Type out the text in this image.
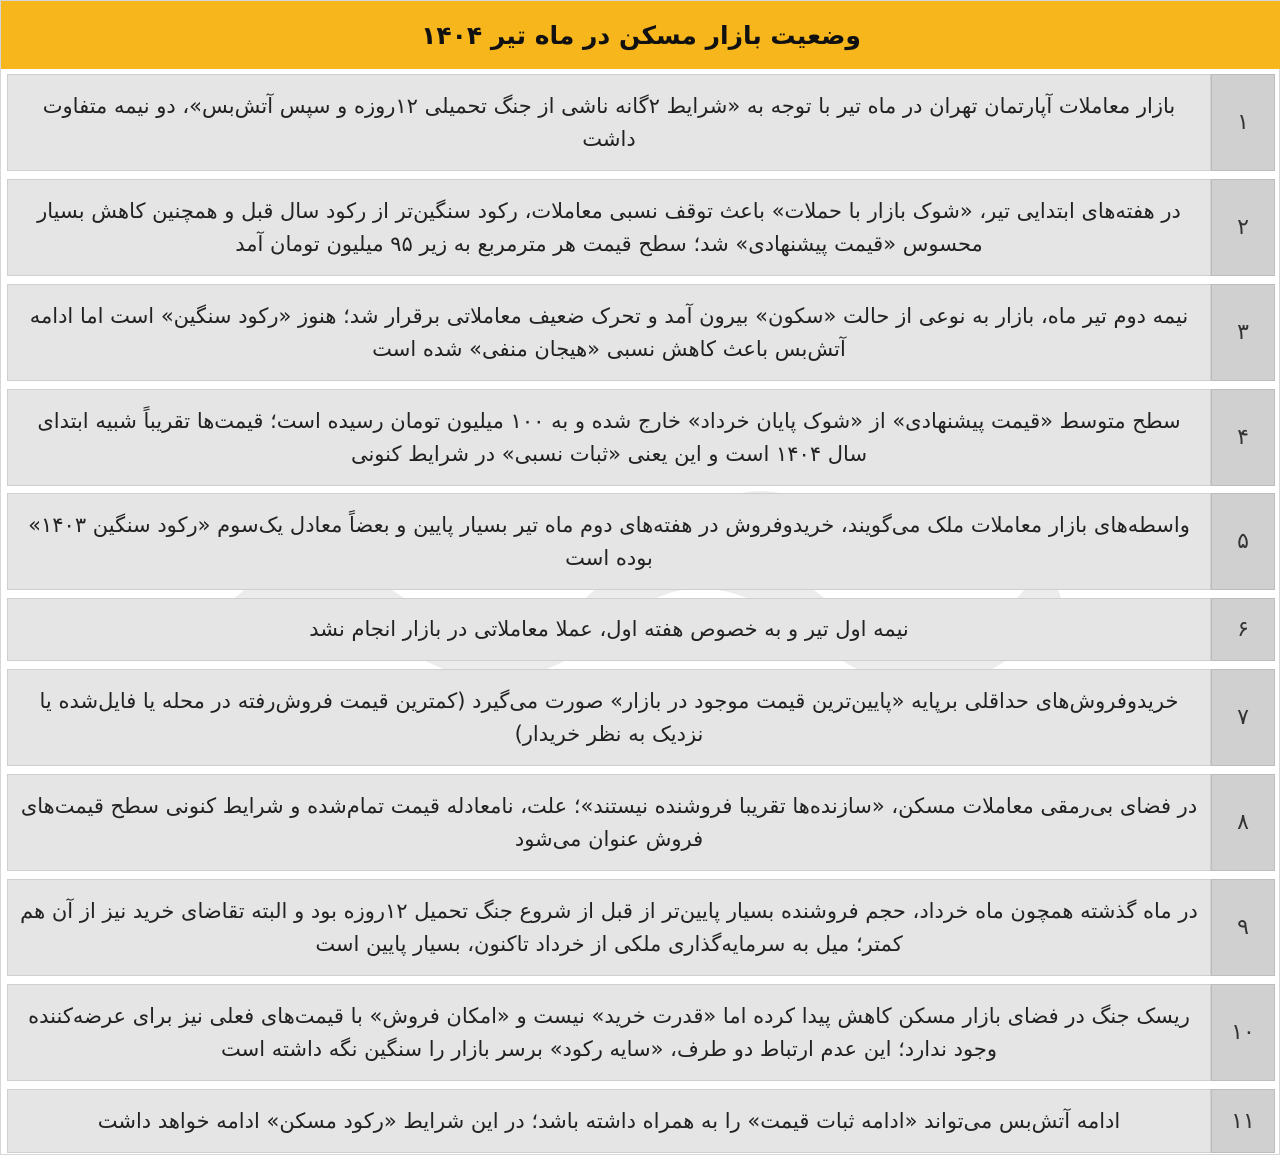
وضعیت بازار مسکن در ماه تیر ۱۴۰۴
۱
بازار معاملات آپارتمان تهران در ماه تیر با توجه به «شرایط ۲گانه ناشی از جنگ تحمیلی ۱۲روزه و سپس آتش‌بس»، دو نیمه متفاوت داشت
۲
در هفته‌های ابتدایی تیر، «شوک بازار با حملات» باعث توقف نسبی معاملات، رکود سنگین‌تر از رکود سال قبل و همچنین کاهش بسیار محسوس «قیمت پیشنهادی» شد؛ سطح قیمت هر مترمربع به زیر ۹۵ میلیون تومان آمد
۳
نیمه دوم تیر ماه، بازار به نوعی از حالت «سکون» بیرون آمد و تحرک ضعیف معاملاتی برقرار شد؛ هنوز «رکود سنگین» است اما ادامه آتش‌بس باعث کاهش نسبی «هیجان منفی» شده است
۴
سطح متوسط «قیمت پیشنهادی» از «شوک پایان خرداد» خارج شده و به ۱۰۰ میلیون تومان رسیده است؛ قیمت‌ها تقریباً شبیه ابتدای سال ۱۴۰۴ است و این یعنی «ثبات نسبی» در شرایط کنونی
۵
واسطه‌های بازار معاملات ملک می‌گویند، خریدوفروش در هفته‌های دوم ماه تیر بسیار پایین و بعضاً معادل یک‌سوم «رکود سنگین ۱۴۰۳» بوده است
۶
نیمه اول تیر و به خصوص هفته اول، عملا معاملاتی در بازار انجام نشد
۷
خریدوفروش‌های حداقلی برپایه «پایین‌ترین قیمت موجود در بازار» صورت می‌گیرد (کمترین قیمت فروش‌رفته در محله یا فایل‌شده یا نزدیک به نظر خریدار)
۸
در فضای بی‌رمقی معاملات مسکن، «سازنده‌ها تقریبا فروشنده نیستند»؛ علت، نامعادله قیمت تمام‌شده و شرایط کنونی سطح قیمت‌های فروش عنوان می‌شود
۹
در ماه گذشته همچون ماه خرداد، حجم فروشنده بسیار پایین‌تر از قبل از شروع جنگ تحمیل ۱۲روزه بود و البته تقاضای خرید نیز از آن هم کمتر؛ میل به سرمایه‌گذاری ملکی از خرداد تاکنون، بسیار پایین است
۱۰
ریسک جنگ در فضای بازار مسکن کاهش پیدا کرده اما «قدرت خرید» نیست و «امکان فروش» با قیمت‌های فعلی نیز برای عرضه‌کننده وجود ندارد؛ این عدم ارتباط دو طرف، «سایه رکود» برسر بازار را سنگین نگه داشته است
۱۱
ادامه آتش‌بس می‌تواند «ادامه ثبات قیمت» را به همراه داشته باشد؛ در این شرایط «رکود مسکن» ادامه خواهد داشت
